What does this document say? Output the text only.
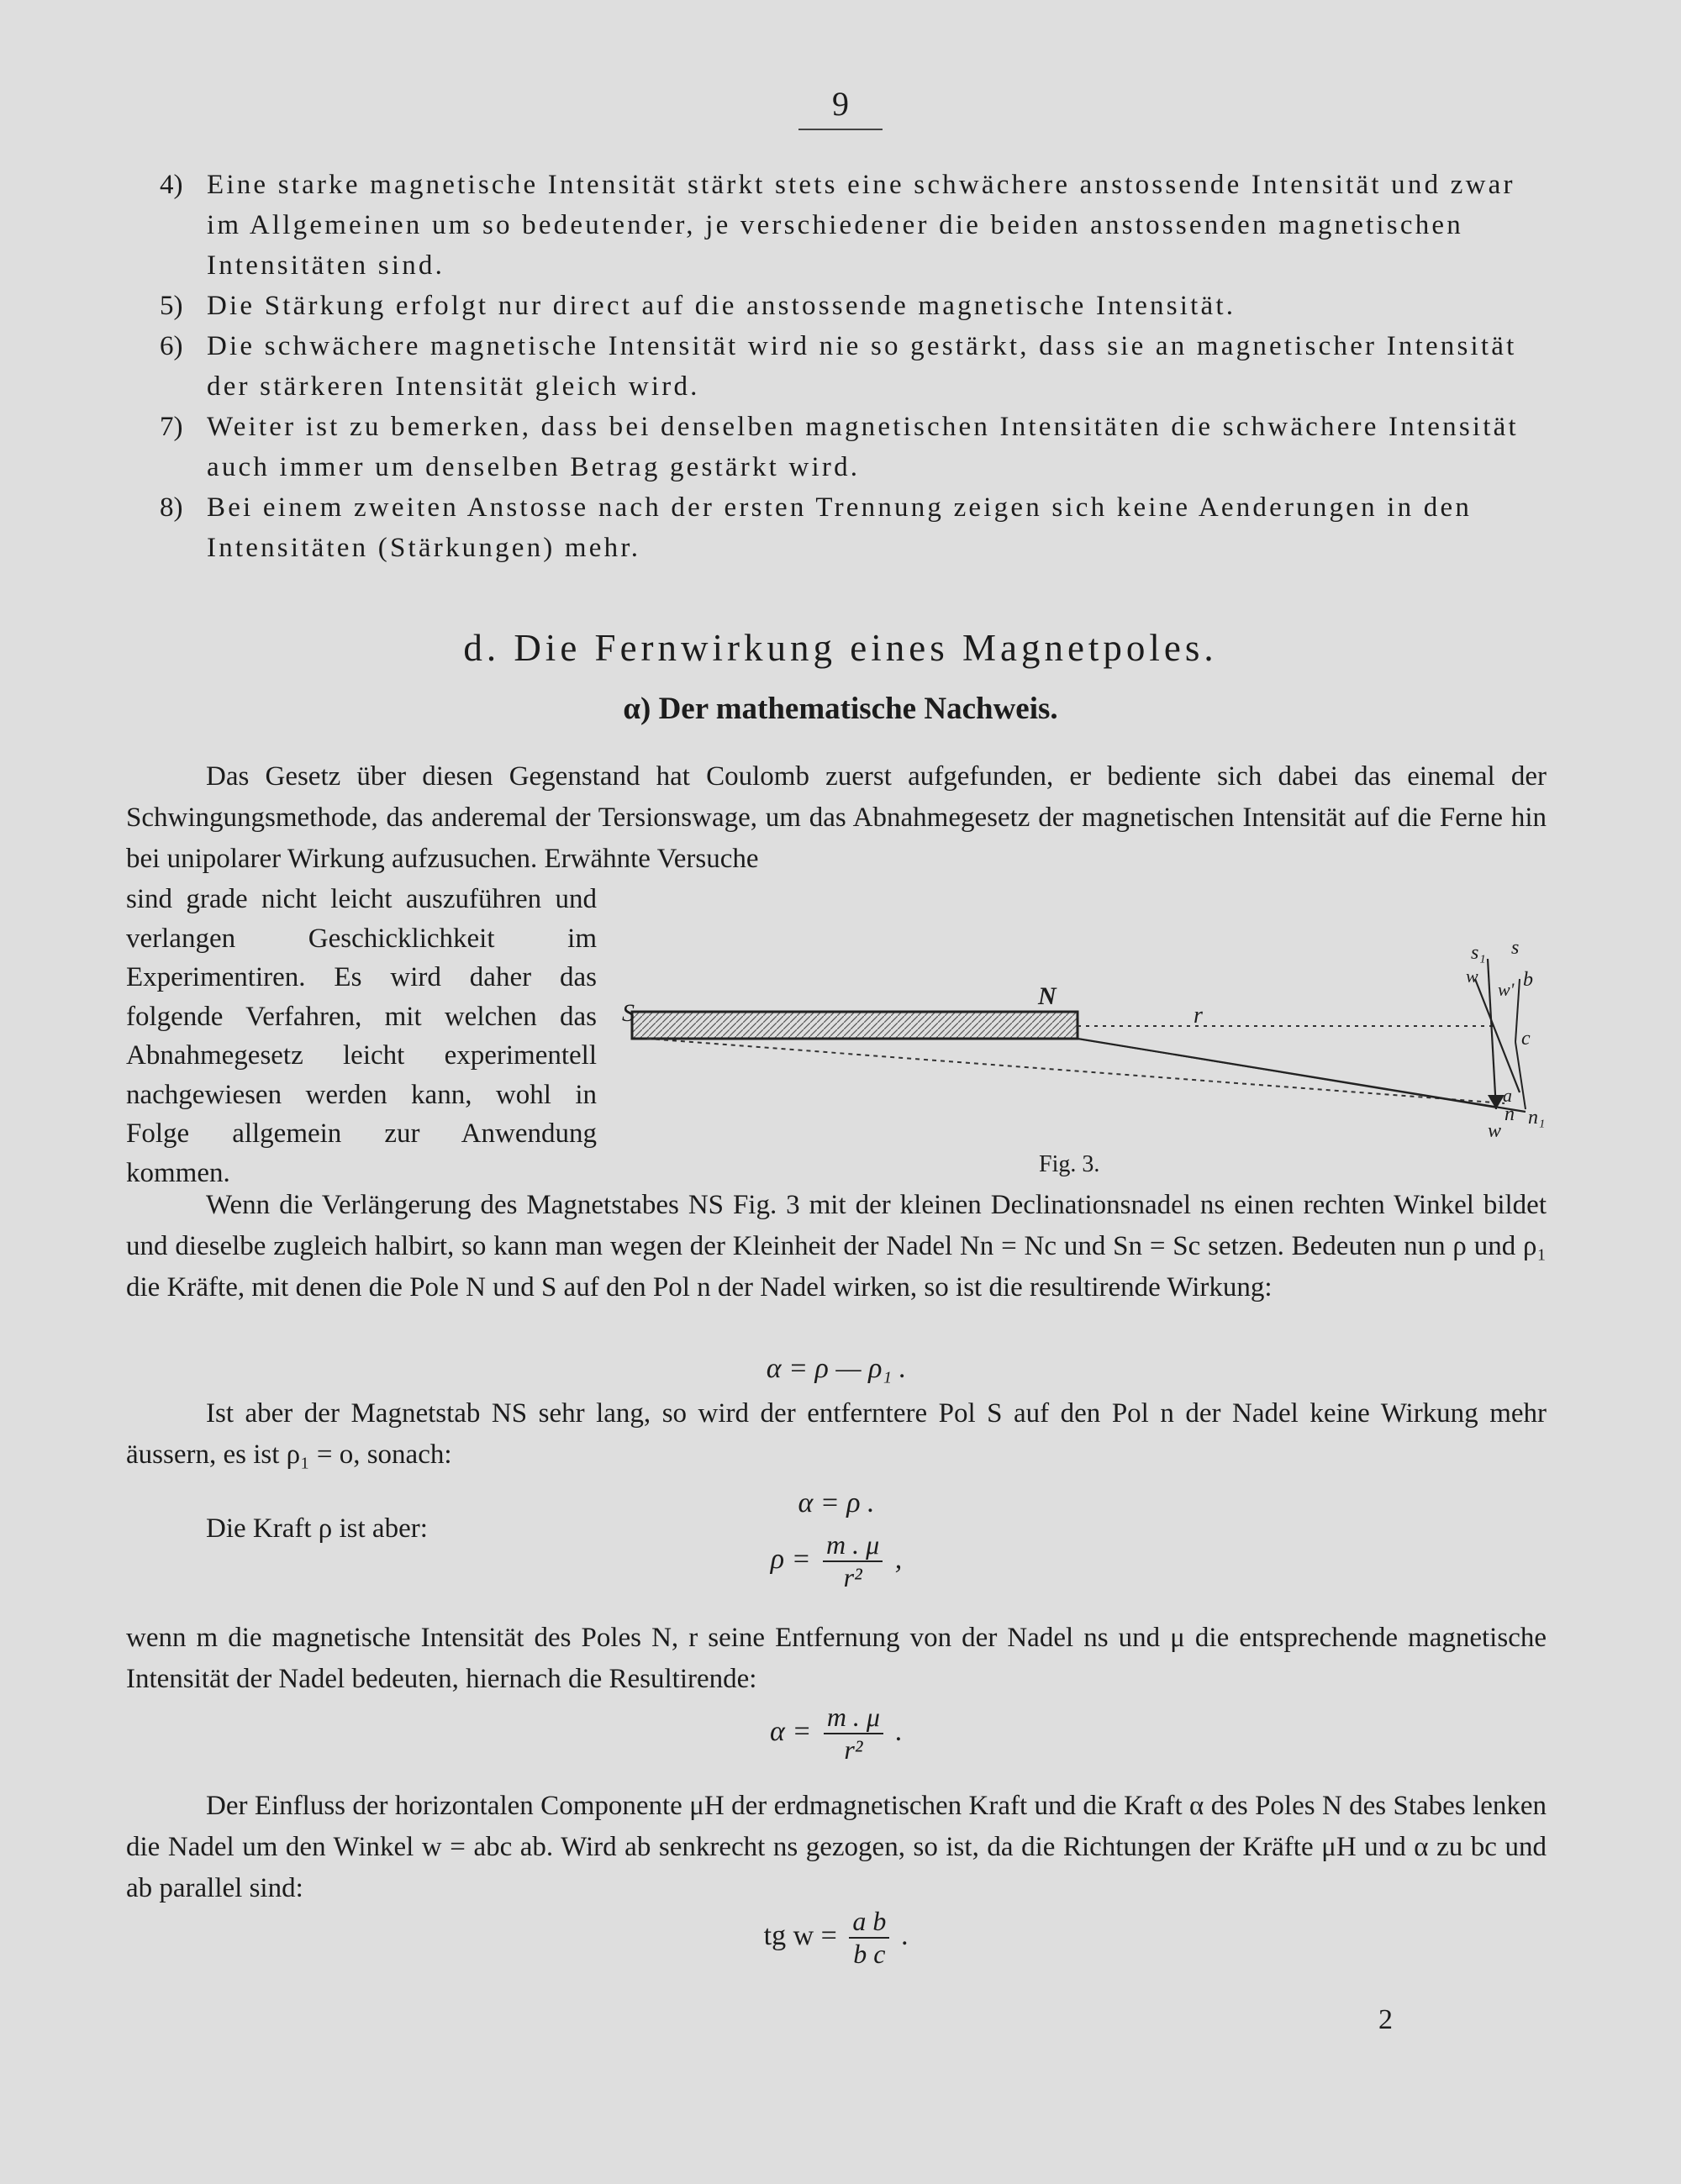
9
4) Eine starke magnetische Intensität stärkt stets eine schwächere anstossende Intensität und zwar im Allgemeinen um so bedeutender, je verschiedener die beiden anstossenden magnetischen Intensitäten sind.

5) Die Stärkung erfolgt nur direct auf die anstossende magnetische Intensität.

6) Die schwächere magnetische Intensität wird nie so gestärkt, dass sie an magnetischer Intensität der stärkeren Intensität gleich wird.

7) Weiter ist zu bemerken, dass bei denselben magnetischen Intensitäten die schwächere Intensität auch immer um denselben Betrag gestärkt wird.

8) Bei einem zweiten Anstosse nach der ersten Trennung zeigen sich keine Aenderungen in den Intensitäten (Stärkungen) mehr.

d. Die Fernwirkung eines Magnetpoles.
α) Der mathematische Nachweis.

Das Gesetz über diesen Gegenstand hat Coulomb zuerst aufgefunden, er bediente sich dabei das einemal der Schwingungsmethode, das anderemal der Tersionswage, um das Abnahmegesetz der magnetischen Intensität auf die Ferne hin bei unipolarer Wirkung aufzusuchen. Erwähnte Versuche

sind grade nicht leicht auszuführen und verlangen Geschicklichkeit im Experimentiren. Es wird daher das folgende Verfahren, mit welchen das Abnahmegesetz leicht experimentell nachgewiesen werden kann, wohl in Folge allgemein zur Anwendung kommen.

S
N
r
s₁ s
b
w
w'
c
a
w
n n₁
Fig. 3.

Wenn die Verlängerung des Magnetstabes NS Fig. 3 mit der kleinen Declinationsnadel ns einen rechten Winkel bildet und dieselbe zugleich halbirt, so kann man wegen der Kleinheit der Nadel Nn = Nc und Sn = Sc setzen. Bedeuten nun ρ und ρ₁ die Kräfte, mit denen die Pole N und S auf den Pol n der Nadel wirken, so ist die resultirende Wirkung:

α = ρ — ρ₁ .

Ist aber der Magnetstab NS sehr lang, so wird der entferntere Pol S auf den Pol n der Nadel keine Wirkung mehr äussern, es ist ρ₁ = o, sonach:

α = ρ .
Die Kraft ρ ist aber:
$\rho = \frac{m . \mu}{\text{r²}}$ ,

wenn m die magnetische Intensität des Poles N, r seine Entfernung von der Nadel ns und μ die entsprechende magnetische Intensität der Nadel bedeuten, hiernach die Resultirende:

$\alpha = \frac{m . \mu}{\text{r²}}$ .

Der Einfluss der horizontalen Componente μH der erdmagnetischen Kraft und die Kraft α des Poles N des Stabes lenken die Nadel um den Winkel w = abc ab. Wird ab senkrecht ns gezogen, so ist, da die Richtungen der Kräfte μH und α zu bc und ab parallel sind:

tg $w = \frac{\text{a b}}{\text{b c}}$ .
2
